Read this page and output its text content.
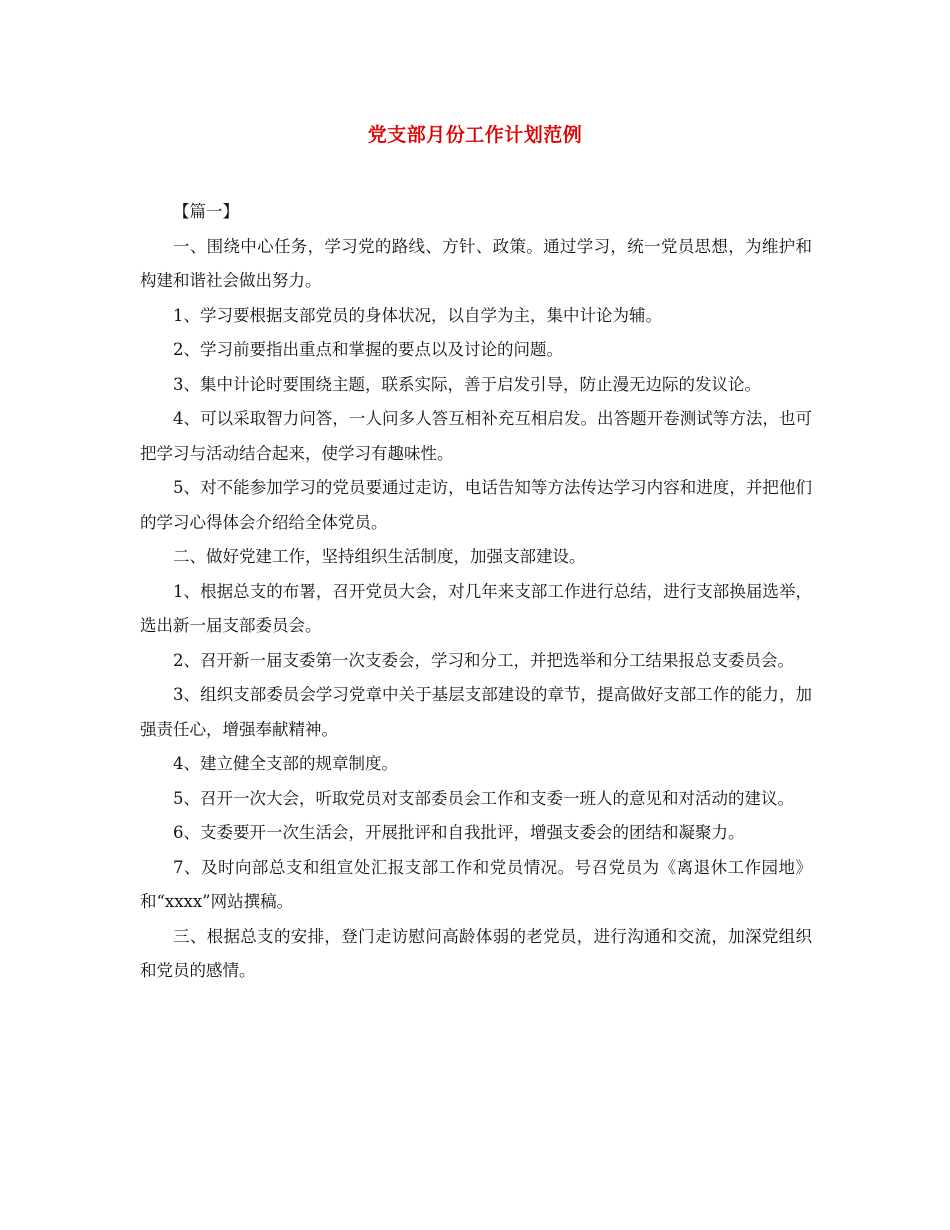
党支部月份工作计划范例

【篇一】

一、围绕中心任务，学习党的路线、方针、政策。通过学习，统一党员思想，为维护和构建和谐社会做出努力。

1、学习要根据支部党员的身体状况，以自学为主，集中计论为辅。

2、学习前要指出重点和掌握的要点以及讨论的问题。

3、集中计论时要围绕主题，联系实际，善于启发引导，防止漫无边际的发议论。

4、可以采取智力问答，一人问多人答互相补充互相启发。出答题开卷测试等方法，也可把学习与活动结合起来，使学习有趣味性。

5、对不能参加学习的党员要通过走访，电话告知等方法传达学习内容和进度，并把他们的学习心得体会介绍给全体党员。

二、做好党建工作，坚持组织生活制度，加强支部建设。

1、根据总支的布署，召开党员大会，对几年来支部工作进行总结，进行支部换届选举，选出新一届支部委员会。

2、召开新一届支委第一次支委会，学习和分工，并把选举和分工结果报总支委员会。

3、组织支部委员会学习党章中关于基层支部建设的章节，提高做好支部工作的能力，加强责任心，增强奉献精神。

4、建立健全支部的规章制度。

5、召开一次大会，听取党员对支部委员会工作和支委一班人的意见和对活动的建议。

6、支委要开一次生活会，开展批评和自我批评，增强支委会的团结和凝聚力。

7、及时向部总支和组宣处汇报支部工作和党员情况。号召党员为《离退休工作园地》和“xxxx”网站撰稿。

三、根据总支的安排，登门走访慰问高龄体弱的老党员，进行沟通和交流，加深党组织和党员的感情。
